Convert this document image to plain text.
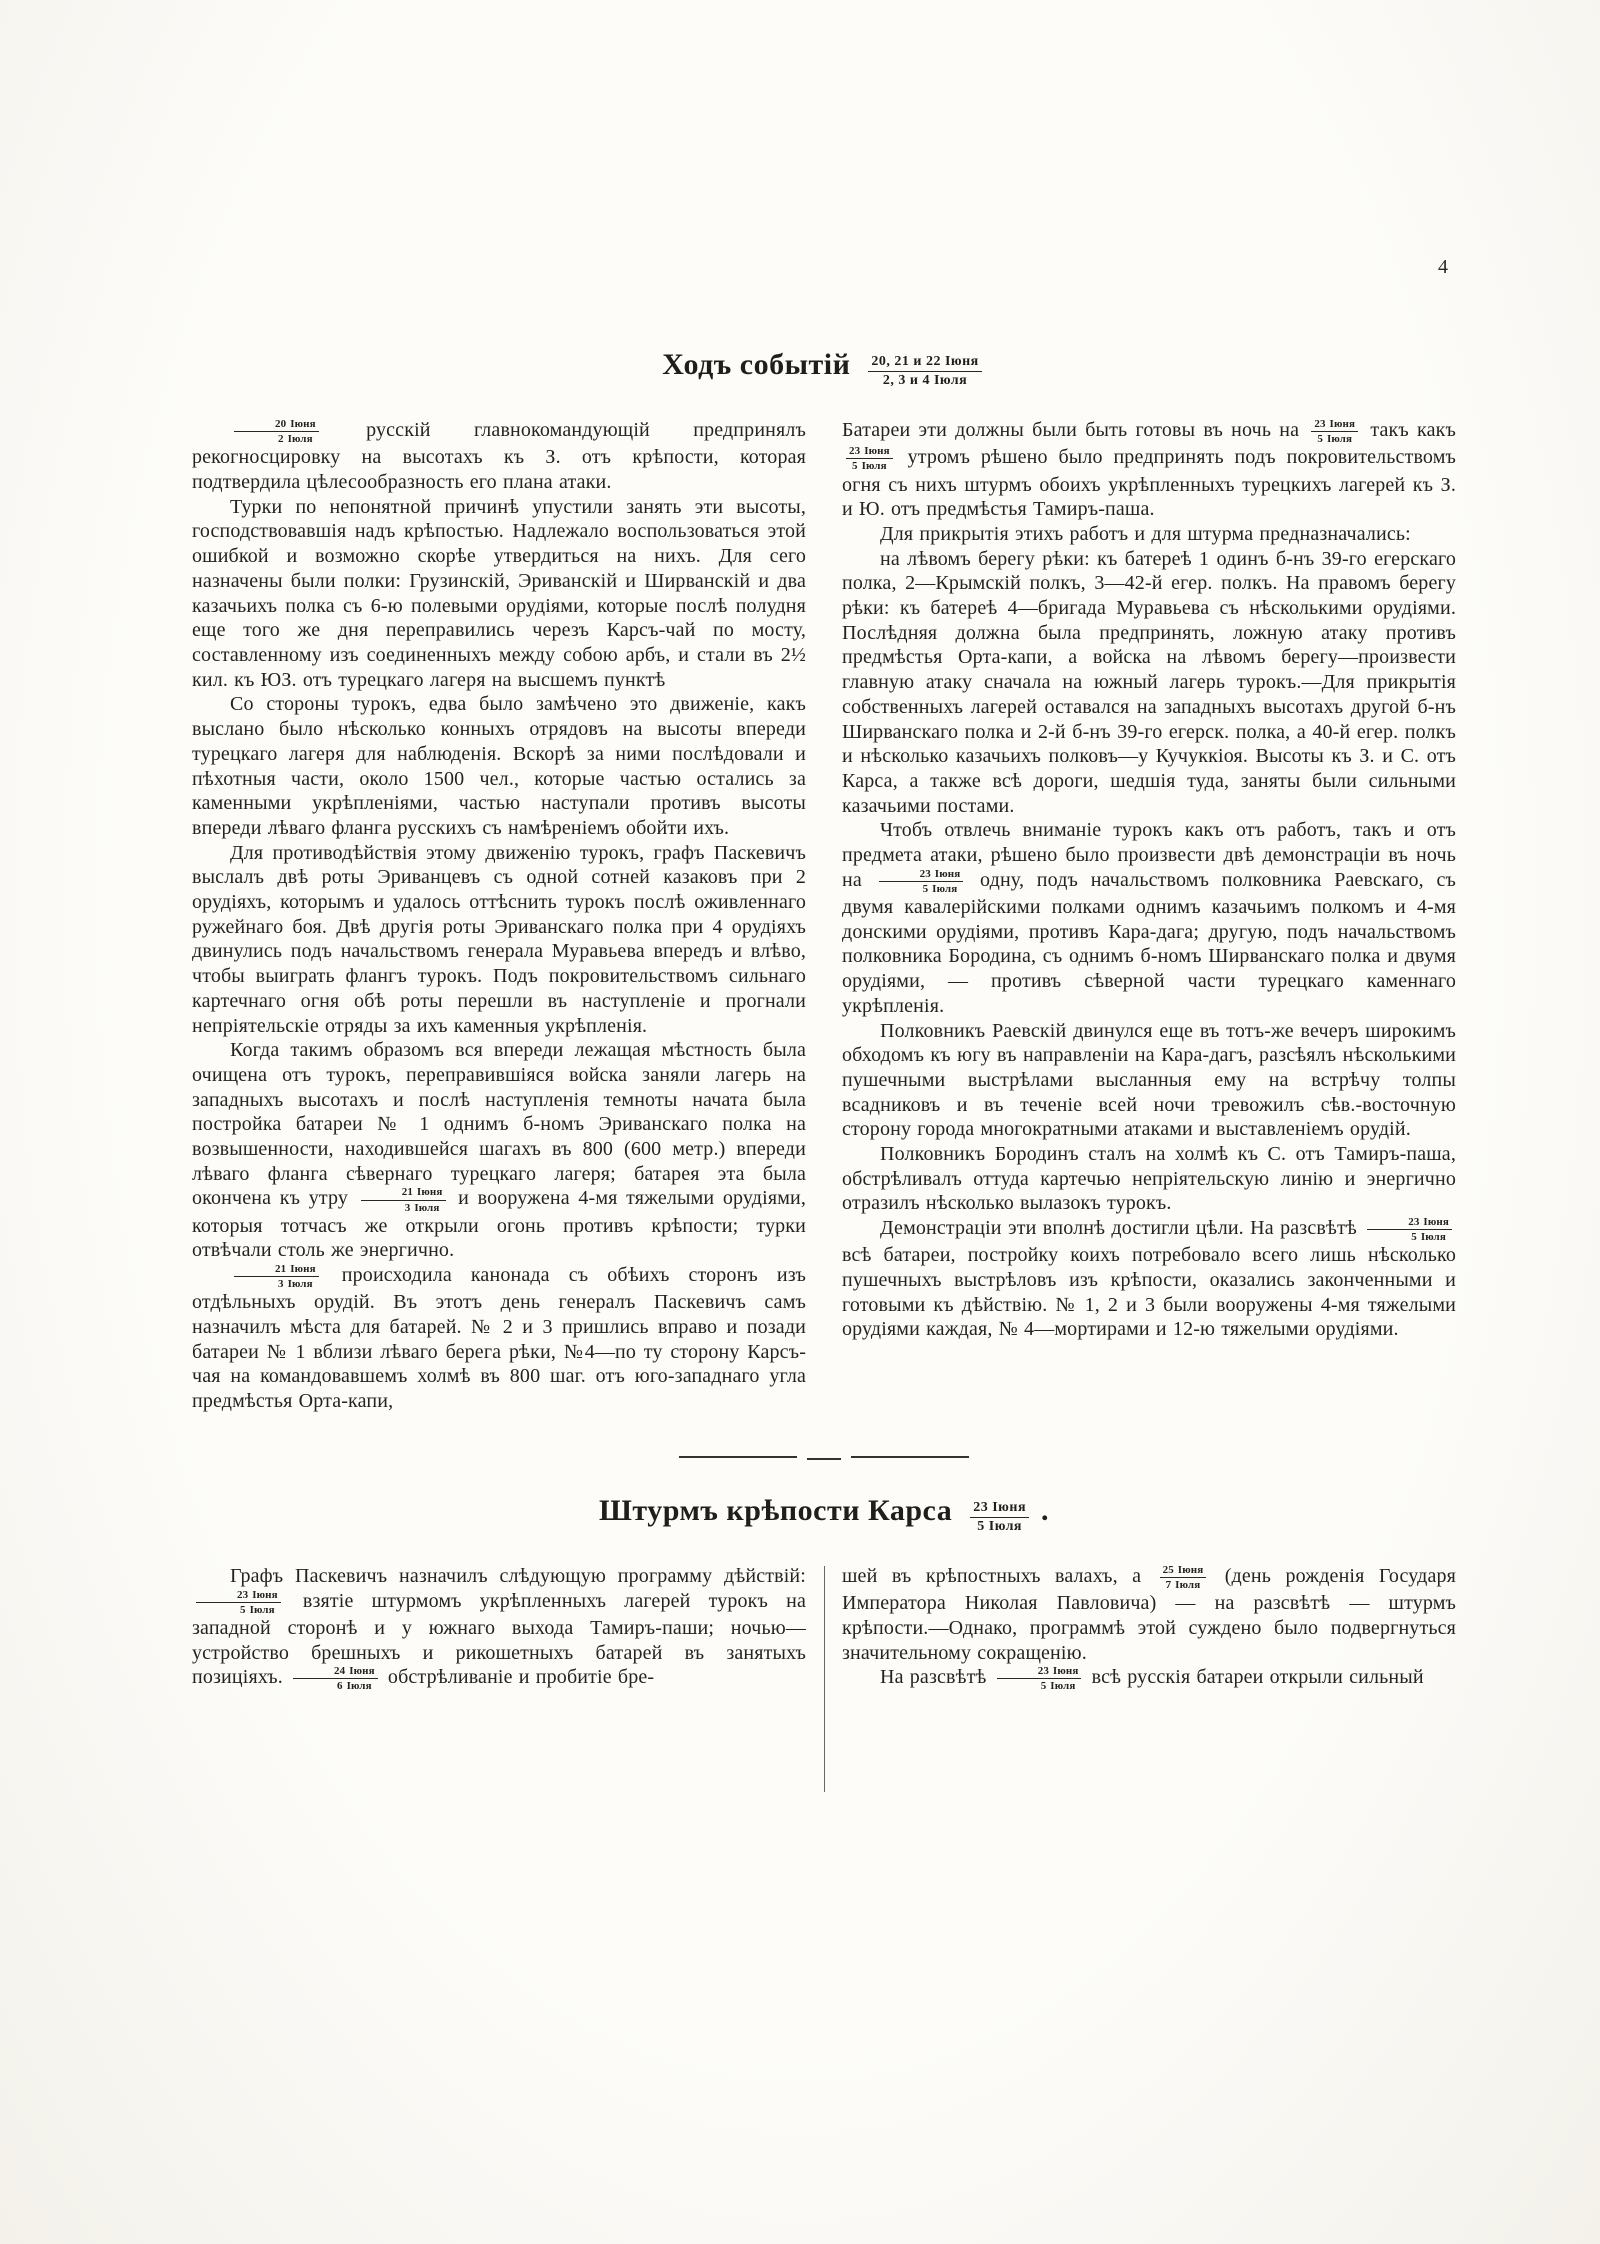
4
Ходъ событій 20, 21 и 22 Іюня
2, 3 и 4 Іюля

20 Іюня
2 Іюля русскій главнокомандующій предпринялъ рекогносцировку на высотахъ къ З. отъ крѣпости, которая подтвердила цѣлесообразность его плана атаки.

Турки по непонятной причинѣ упустили занять эти высоты, господствовавшія надъ крѣпостью. Надлежало воспользоваться этой ошибкой и возможно скорѣе утвердиться на нихъ. Для сего назначены были полки: Грузинскій, Эриванскій и Ширванскій и два казачьихъ полка съ 6-ю полевыми орудіями, которые послѣ полудня еще того же дня переправились черезъ Карсъ-чай по мосту, составленному изъ соединенныхъ между собою арбъ, и стали въ 2½ кил. къ ЮЗ. отъ турецкаго лагеря на высшемъ пунктѣ

Со стороны турокъ, едва было замѣчено это движеніе, какъ выслано было нѣсколько конныхъ отрядовъ на высоты впереди турецкаго лагеря для наблюденія. Вскорѣ за ними послѣдовали и пѣхотныя части, около 1500 чел., которые частью остались за каменными укрѣпленіями, частью наступали противъ высоты впереди лѣваго фланга русскихъ съ намѣреніемъ обойти ихъ.

Для противодѣйствія этому движенію турокъ, графъ Паскевичъ выслалъ двѣ роты Эриванцевъ съ одной сотней казаковъ при 2 орудіяхъ, которымъ и удалось оттѣснить турокъ послѣ оживленнаго ружейнаго боя. Двѣ другія роты Эриванскаго полка при 4 орудіяхъ двинулись подъ начальствомъ генерала Муравьева впередъ и влѣво, чтобы выиграть флангъ турокъ. Подъ покровительствомъ сильнаго картечнаго огня обѣ роты перешли въ наступленіе и прогнали непріятельскіе отряды за ихъ каменныя укрѣпленія.

Когда такимъ образомъ вся впереди лежащая мѣстность была очищена отъ турокъ, переправившіяся войска заняли лагерь на западныхъ высотахъ и послѣ наступленія темноты начата была постройка батареи № 1 однимъ б-номъ Эриванскаго полка на возвышенности, находившейся шагахъ въ 800 (600 метр.) впереди лѣваго фланга сѣвернаго турецкаго лагеря; батарея эта была окончена къ утру	21 Іюня
3 Іюля и вооружена 4-мя тяжелыми орудіями, которыя тотчасъ же открыли огонь противъ крѣпости; турки отвѣчали столь же энергично.

21 Іюня
3 Іюля происходила канонада съ обѣихъ сторонъ изъ отдѣльныхъ орудій. Въ этотъ день генералъ Паскевичъ самъ назначилъ мѣста для батарей. № 2 и 3 пришлись вправо и позади батареи № 1 вблизи лѣваго берега рѣки, №4—по ту сторону Карсъ-чая на командовавшемъ холмѣ въ 800 шаг. отъ юго-западнаго угла предмѣстья Орта-капи,

Батареи эти должны были быть готовы въ ночь на 23 Іюня
5 Іюля такъ какъ
23 Іюня
5 Іюля утромъ рѣшено было предпринять подъ покровительствомъ огня съ нихъ штурмъ обоихъ укрѣпленныхъ турецкихъ лагерей къ З. и Ю. отъ предмѣстья Тамиръ-паша.

Для прикрытія этихъ работъ и для штурма предназначались:

на лѣвомъ берегу рѣки: къ батереѣ 1 одинъ б-нъ 39-го егерскаго полка, 2—Крымскій полкъ, 3—42-й егер. полкъ. На правомъ берегу рѣки: къ батереѣ 4—бригада Муравьева съ нѣсколькими орудіями. Послѣдняя должна была предпринять, ложную атаку противъ предмѣстья Орта-капи, а войска на лѣвомъ берегу—произвести главную атаку сначала на южный лагерь турокъ.—Для прикрытія собственныхъ лагерей оставался на западныхъ высотахъ другой б-нъ Ширванскаго полка и 2-й б-нъ 39-го егерск. полка, а 40-й егер. полкъ и нѣсколько казачьихъ полковъ—у Кучуккіоя. Высоты къ З. и С. отъ Карса, а также всѣ дороги, шедшія туда, заняты были сильными казачьими постами.

Чтобъ отвлечь вниманіе турокъ какъ отъ работъ, такъ и отъ предмета атаки, рѣшено было произвести двѣ демонстраціи въ ночь на	23 Іюня
5 Іюля одну, подъ начальствомъ полковника Раевскаго, съ двумя кавалерійскими полками однимъ казачьимъ полкомъ и 4-мя донскими орудіями, противъ Кара-дага; другую, подъ начальствомъ полковника Бородина, съ однимъ б-номъ Ширванскаго полка и двумя орудіями, — противъ сѣверной части турецкаго каменнаго укрѣпленія.

Полковникъ Раевскій двинулся еще въ тотъ-же вечеръ широкимъ обходомъ къ югу въ направленіи на Кара-дагъ, разсѣялъ нѣсколькими пушечными выстрѣлами высланныя ему на встрѣчу толпы всадниковъ и въ теченіе всей ночи тревожилъ сѣв.-восточную сторону города многократными атаками и выставленіемъ орудій.

Полковникъ Бородинъ сталъ на холмѣ къ С. отъ Тамиръ-паша, обстрѣливалъ оттуда картечью непріятельскую линію и энергично отразилъ нѣсколько вылазокъ турокъ.

Демонстраціи эти вполнѣ достигли цѣли. На разсвѣтѣ	23 Іюня
5 Іюля
всѣ батареи, постройку коихъ потребовало всего лишь нѣсколько пушечныхъ выстрѣловъ изъ крѣпости, оказались законченными и готовыми къ дѣйствію. № 1, 2 и 3 были вооружены 4-мя тяжелыми орудіями каждая, № 4—мортирами и 12-ю тяжелыми орудіями.

Штурмъ крѣпости Карса 23 Іюня
5 Іюля .

Графъ Паскевичъ назначилъ слѣдующую программу дѣйствій:
23 Іюня
5 Іюля взятіе штурмомъ укрѣпленныхъ лагерей турокъ на западной сторонѣ и у южнаго выхода Тамиръ-паши; ночью—устройство брешныхъ и рикошетныхъ батарей въ занятыхъ позиціяхъ.	24 Іюня
6 Іюля обстрѣливаніе и пробитіе бре-

шей въ крѣпостныхъ валахъ, а 25 Іюня
7 Іюля (день рожденія Государя Императора Николая Павловича) — на разсвѣтѣ — штурмъ крѣпости.—Однако, программѣ этой суждено было подвергнуться значительному сокращенію.

На разсвѣтѣ	23 Іюня
5 Іюля всѣ русскія батареи открыли сильный
